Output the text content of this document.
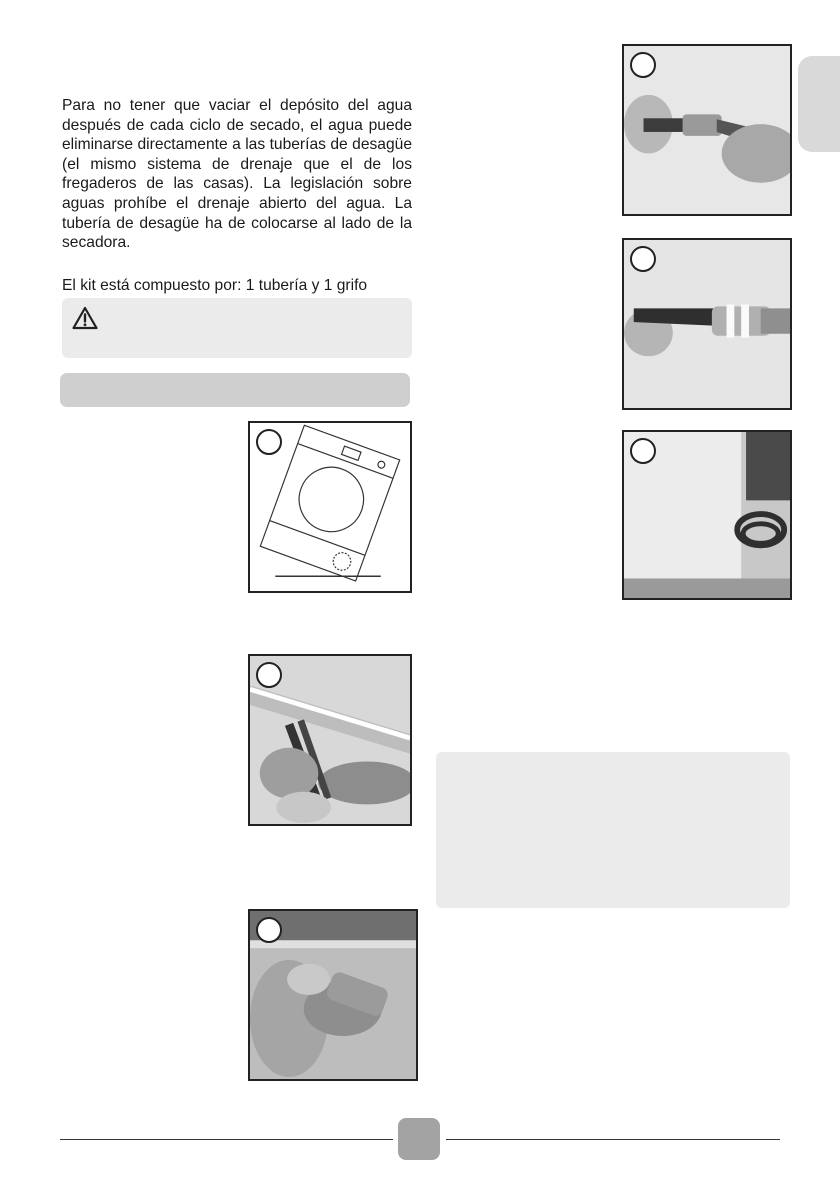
Para no tener que vaciar el depósito del agua después de cada ciclo de secado, el agua puede eliminarse directamente a las tuberías de desagüe (el mismo sistema de drenaje que el de los fregaderos de las casas). La legislación sobre aguas prohíbe el drenaje abierto del agua. La tubería de desagüe ha de colocarse al lado de la secadora.

El kit está compuesto por: 1 tubería y 1 grifo
